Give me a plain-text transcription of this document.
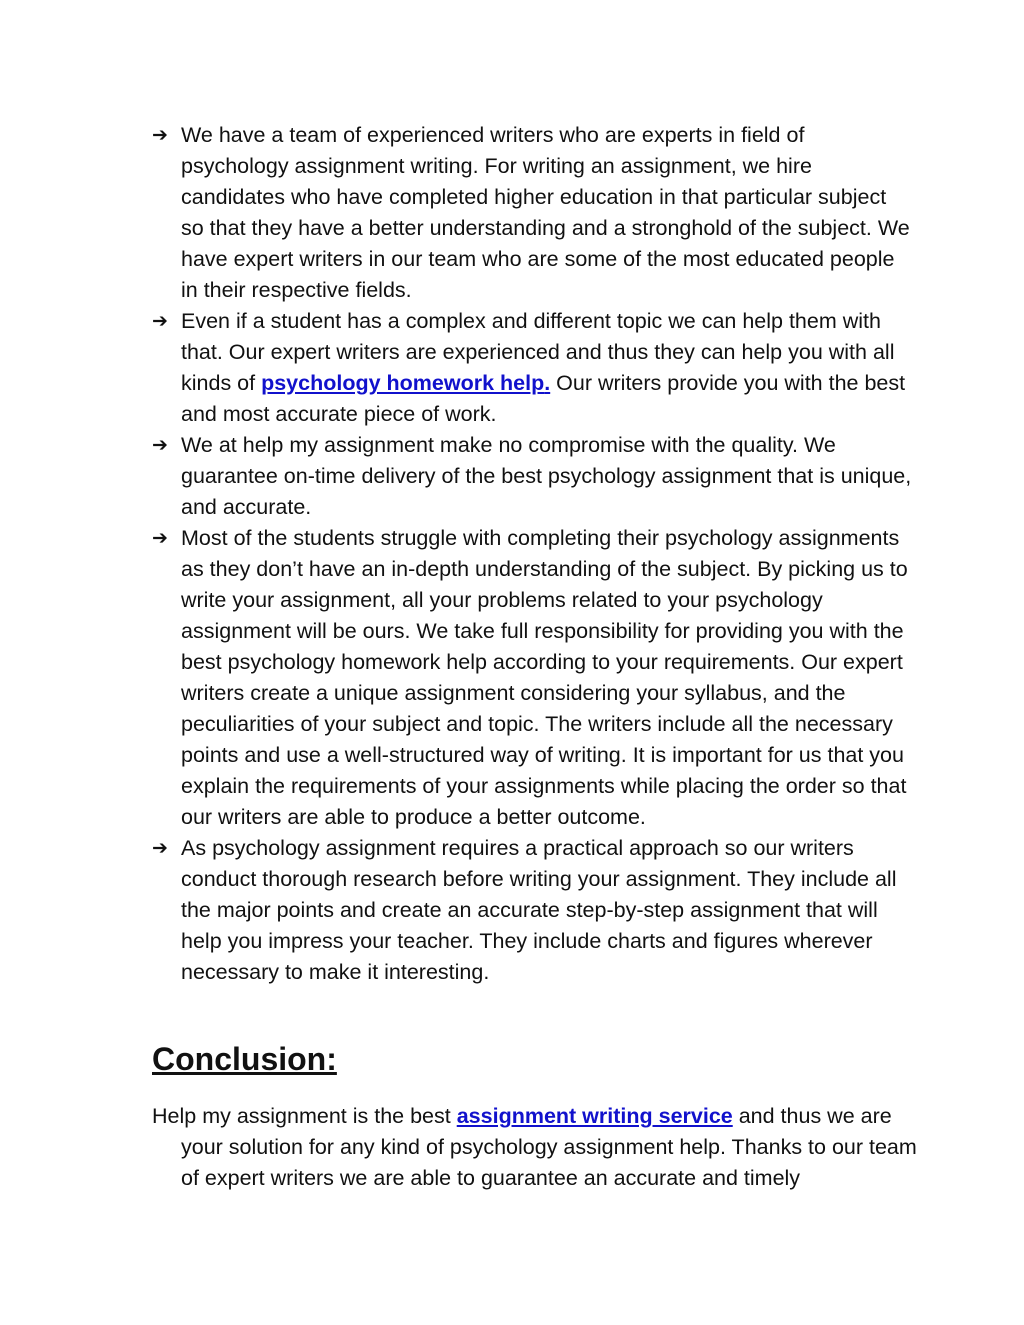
➔ We have a team of experienced writers who are experts in field of psychology assignment writing. For writing an assignment, we hire candidates who have completed higher education in that particular subject so that they have a better understanding and a stronghold of the subject. We have expert writers in our team who are some of the most educated people in their respective fields.
➔ Even if a student has a complex and different topic we can help them with that. Our expert writers are experienced and thus they can help you with all kinds of psychology homework help. Our writers provide you with the best and most accurate piece of work.
➔ We at help my assignment make no compromise with the quality. We guarantee on-time delivery of the best psychology assignment that is unique, and accurate.
➔ Most of the students struggle with completing their psychology assignments as they don’t have an in-depth understanding of the subject. By picking us to write your assignment, all your problems related to your psychology assignment will be ours. We take full responsibility for providing you with the best psychology homework help according to your requirements. Our expert writers create a unique assignment considering your syllabus, and the peculiarities of your subject and topic. The writers include all the necessary points and use a well-structured way of writing. It is important for us that you explain the requirements of your assignments while placing the order so that our writers are able to produce a better outcome.
➔ As psychology assignment requires a practical approach so our writers conduct thorough research before writing your assignment. They include all the major points and create an accurate step-by-step assignment that will help you impress your teacher. They include charts and figures wherever necessary to make it interesting.
Conclusion:

Help my assignment is the best assignment writing service and thus we are your solution for any kind of psychology assignment help. Thanks to our team of expert writers we are able to guarantee an accurate and timely
